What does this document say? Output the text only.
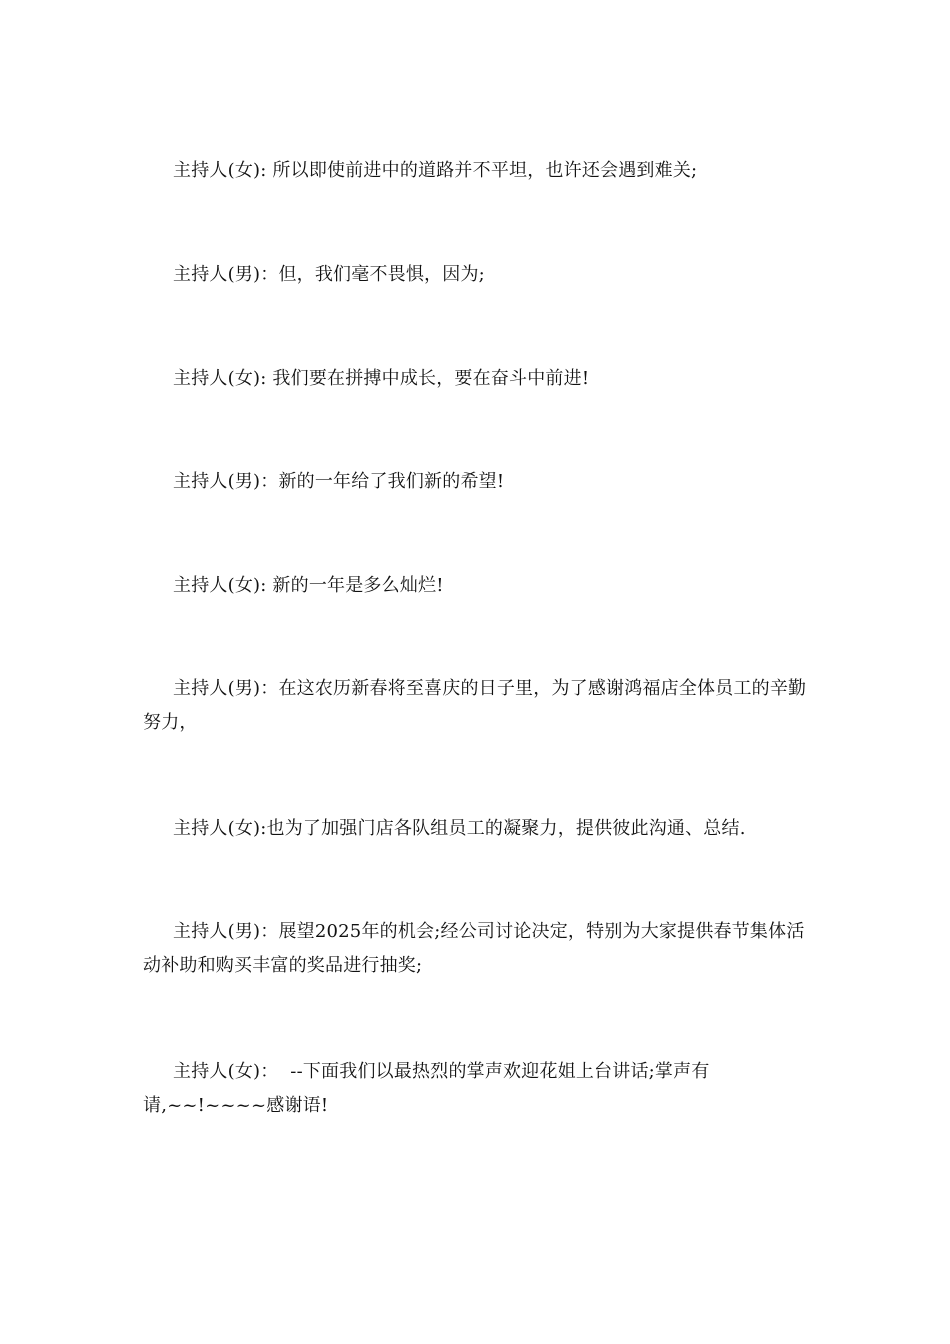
主持人(女): 所以即使前进中的道路并不平坦，也许还会遇到难关;

主持人(男)：但，我们毫不畏惧，因为;

主持人(女): 我们要在拼搏中成长，要在奋斗中前进!

主持人(男)：新的一年给了我们新的希望!

主持人(女): 新的一年是多么灿烂!

主持人(男)：在这农历新春将至喜庆的日子里，为了感谢鸿福店全体员工的辛勤努力，

主持人(女):也为了加强门店各队组员工的凝聚力，提供彼此沟通、总结.

主持人(男)：展望2025年的机会;经公司讨论决定，特别为大家提供春节集体活动补助和购买丰富的奖品进行抽奖;

主持人(女)：  --下面我们以最热烈的掌声欢迎花姐上台讲话;掌声有请,~~!~~~~感谢语!
